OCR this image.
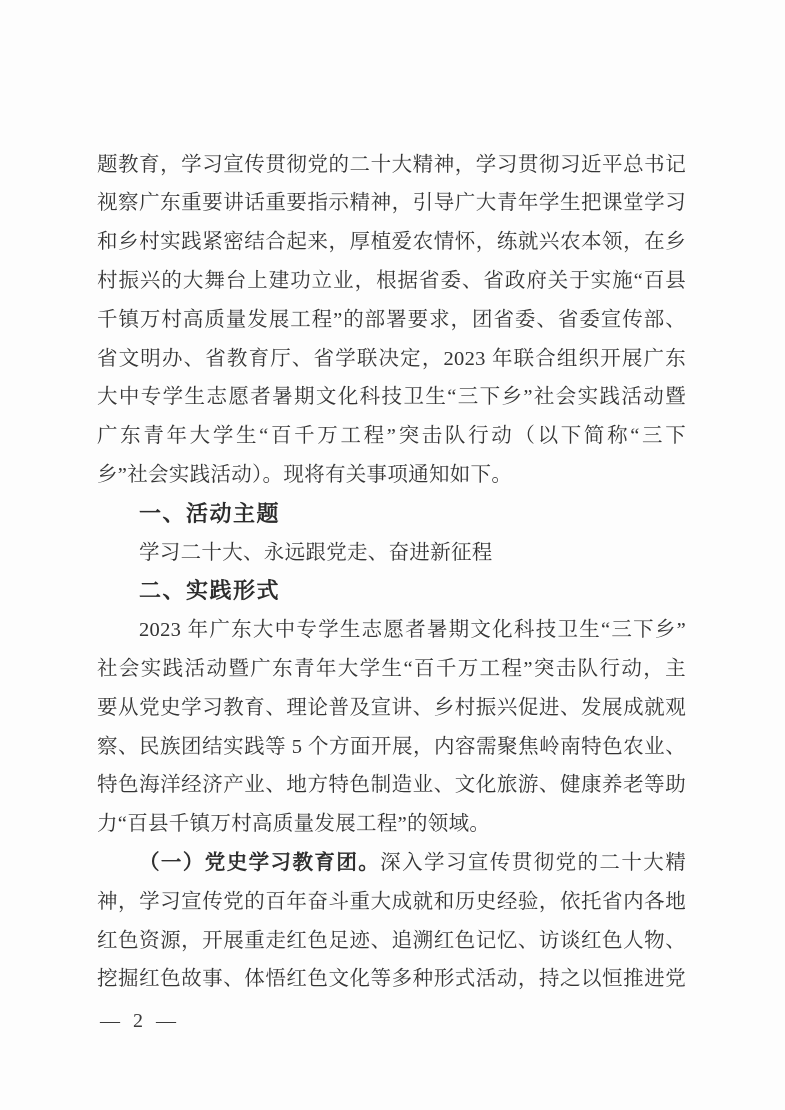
题教育，学习宣传贯彻党的二十大精神，学习贯彻习近平总书记
视察广东重要讲话重要指示精神，引导广大青年学生把课堂学习
和乡村实践紧密结合起来，厚植爱农情怀，练就兴农本领，在乡
村振兴的大舞台上建功立业，根据省委、省政府关于实施“百县
千镇万村高质量发展工程”的部署要求，团省委、省委宣传部、
省文明办、省教育厅、省学联决定，2023 年联合组织开展广东
大中专学生志愿者暑期文化科技卫生“三下乡”社会实践活动暨
广东青年大学生“百千万工程”突击队行动（以下简称“三下
乡”社会实践活动）。现将有关事项通知如下。
一、活动主题
学习二十大、永远跟党走、奋进新征程
二、实践形式
2023 年广东大中专学生志愿者暑期文化科技卫生“三下乡”
社会实践活动暨广东青年大学生“百千万工程”突击队行动，主
要从党史学习教育、理论普及宣讲、乡村振兴促进、发展成就观
察、民族团结实践等 5 个方面开展，内容需聚焦岭南特色农业、
特色海洋经济产业、地方特色制造业、文化旅游、健康养老等助
力“百县千镇万村高质量发展工程”的领域。
（一）党史学习教育团。深入学习宣传贯彻党的二十大精
神，学习宣传党的百年奋斗重大成就和历史经验，依托省内各地
红色资源，开展重走红色足迹、追溯红色记忆、访谈红色人物、
挖掘红色故事、体悟红色文化等多种形式活动，持之以恒推进党
— 2 —
